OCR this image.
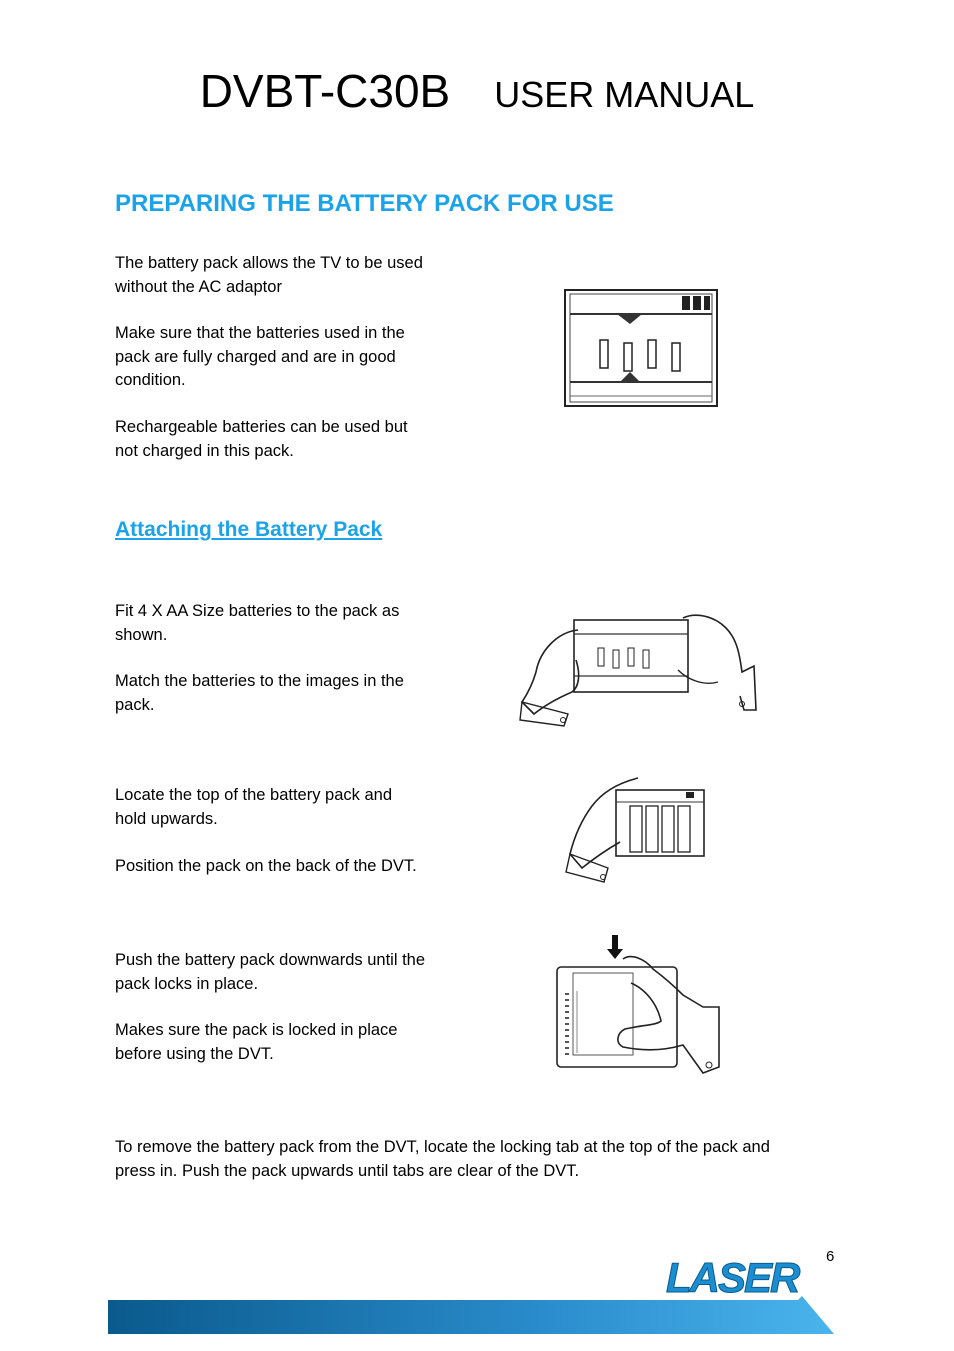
DVBT-C30B USER MANUAL
PREPARING THE BATTERY PACK FOR USE
The battery pack allows the TV to be used
without the AC adaptor
Make sure that the batteries used in the
pack are fully charged and are in good
condition.
Rechargeable batteries can be used but
not charged in this pack.
Attaching the Battery Pack
Fit 4 X AA Size batteries to the pack as
shown.
Match the batteries to the images in the
pack.
Locate the top of the battery pack and
hold upwards.
Position the pack on the back of the DVT.
Push the battery pack downwards until the
pack locks in place.
Makes sure the pack is locked in place
before using the DVT.
To remove the battery pack from the DVT, locate the locking tab at the top of the pack and
press in. Push the pack upwards until tabs are clear of the DVT.
6
LASER
